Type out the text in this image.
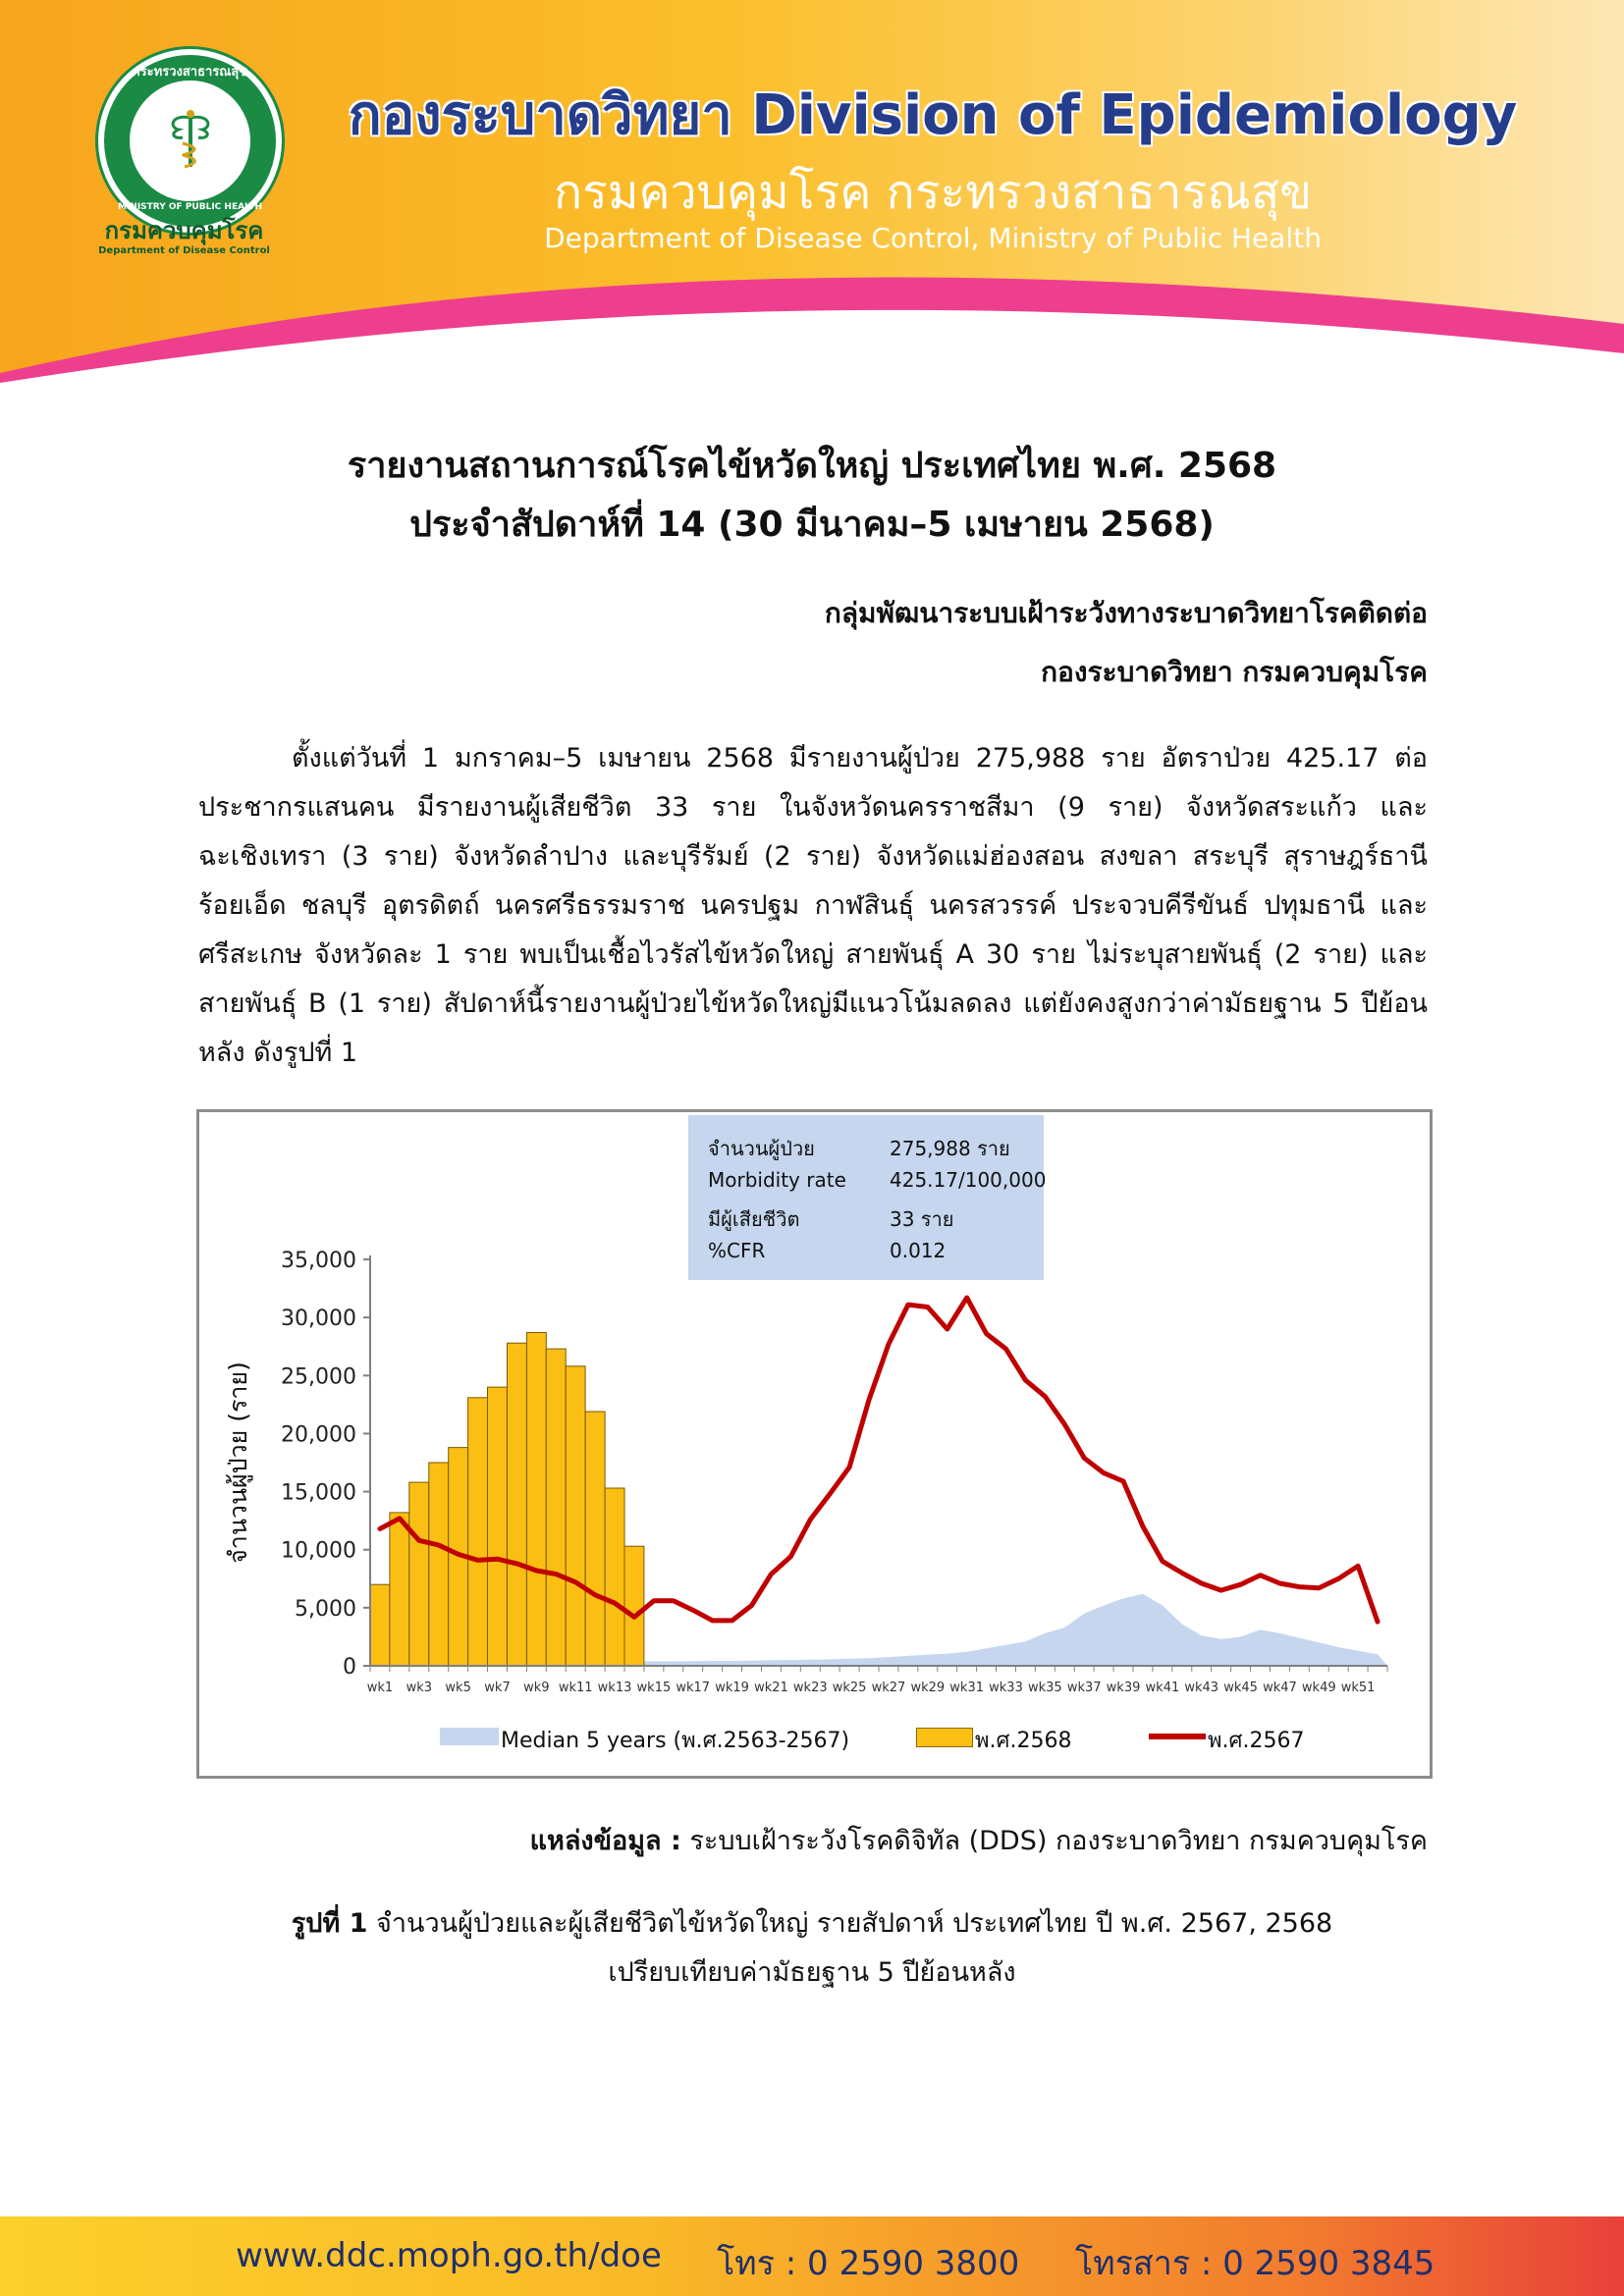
กระทรวงสาธารณสุข
MINISTRY OF PUBLIC HEALTH
กรมควบคุมโรค
Department of Disease Control
กองระบาดวิทยา Division of Epidemiology
กรมควบคุมโรค กระทรวงสาธารณสุข
Department of Disease Control, Ministry of Public Health
รายงานสถานการณ์โรคไข้หวัดใหญ่ ประเทศไทย พ.ศ. 2568
ประจำสัปดาห์ที่ 14 (30 มีนาคม–5 เมษายน 2568)
กลุ่มพัฒนาระบบเฝ้าระวังทางระบาดวิทยาโรคติดต่อ
กองระบาดวิทยา กรมควบคุมโรค
ตั้งแต่วันที่ 1 มกราคม–5 เมษายน 2568 มีรายงานผู้ป่วย 275,988 ราย อัตราป่วย 425.17 ต่อประชากรแสนคน มีรายงานผู้เสียชีวิต 33 ราย ในจังหวัดนครราชสีมา (9 ราย) จังหวัดสระแก้ว และฉะเชิงเทรา (3 ราย) จังหวัดลำปาง และบุรีรัมย์ (2 ราย) จังหวัดแม่ฮ่องสอน สงขลา สระบุรี สุราษฎร์ธานี ร้อยเอ็ด ชลบุรี อุตรดิตถ์ นครศรีธรรมราช นครปฐม กาฬสินธุ์ นครสวรรค์ ประจวบคีรีขันธ์ ปทุมธานี และศรีสะเกษ จังหวัดละ 1 ราย พบเป็นเชื้อไวรัสไข้หวัดใหญ่ สายพันธุ์ A 30 ราย ไม่ระบุสายพันธุ์ (2 ราย) และสายพันธุ์ B (1 ราย) สัปดาห์นี้รายงานผู้ป่วยไข้หวัดใหญ่มีแนวโน้มลดลง แต่ยังคงสูงกว่าค่ามัธยฐาน 5 ปีย้อนหลัง ดังรูปที่ 1
0
5,000
10,000
15,000
20,000
25,000
30,000
35,000
wk1 wk3 wk5 wk7 wk9 wk11 wk13 wk15 wk17 wk19 wk21 wk23 wk25 wk27 wk29 wk31 wk33 wk35 wk37 wk39 wk41 wk43 wk45 wk47 wk49 wk51
จำนวนผู้ป่วย (ราย)
จำนวนผู้ป่วย	275,988 ราย
Morbidity rate 425.17/100,000
มีผู้เสียชีวิต	33 ราย
%CFR	0.012
Median 5 years (พ.ศ.2563-2567)	พ.ศ.2568	พ.ศ.2567
แหล่งข้อมูล : ระบบเฝ้าระวังโรคดิจิทัล (DDS) กองระบาดวิทยา กรมควบคุมโรค
รูปที่ 1 จำนวนผู้ป่วยและผู้เสียชีวิตไข้หวัดใหญ่ รายสัปดาห์ ประเทศไทย ปี พ.ศ. 2567, 2568
เปรียบเทียบค่ามัธยฐาน 5 ปีย้อนหลัง
www.ddc.moph.go.th/doe โทร : 0 2590 3800 โทรสาร : 0 2590 3845
